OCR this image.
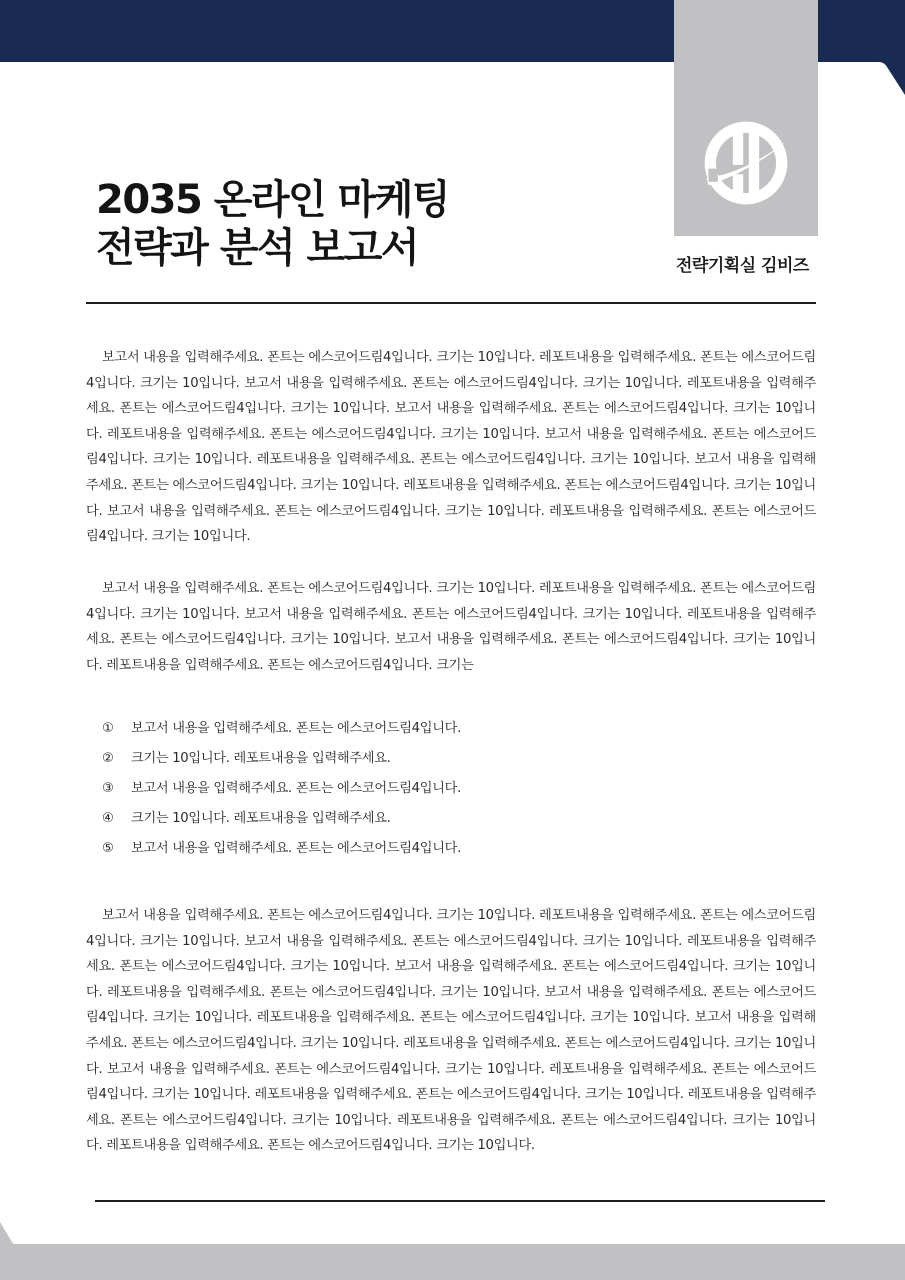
전략기획실 김비즈
2035 온라인 마케팅
전략과 분석 보고서

보고서 내용을 입력해주세요. 폰트는 에스코어드림4입니다. 크기는 10입니다. 레포트내용을 입력해주세요. 폰트는 에스코어드림4입니다. 크기는 10입니다. 보고서 내용을 입력해주세요. 폰트는 에스코어드림4입니다. 크기는 10입니다. 레포트내용을 입력해주세요. 폰트는 에스코어드림4입니다. 크기는 10입니다. 보고서 내용을 입력해주세요. 폰트는 에스코어드림4입니다. 크기는 10입니다. 레포트내용을 입력해주세요. 폰트는 에스코어드림4입니다. 크기는 10입니다. 보고서 내용을 입력해주세요. 폰트는 에스코어드림4입니다. 크기는 10입니다. 레포트내용을 입력해주세요. 폰트는 에스코어드림4입니다. 크기는 10입니다. 보고서 내용을 입력해주세요. 폰트는 에스코어드림4입니다. 크기는 10입니다. 레포트내용을 입력해주세요. 폰트는 에스코어드림4입니다. 크기는 10입니다. 보고서 내용을 입력해주세요. 폰트는 에스코어드림4입니다. 크기는 10입니다. 레포트내용을 입력해주세요. 폰트는 에스코어드림4입니다. 크기는 10입니다.

보고서 내용을 입력해주세요. 폰트는 에스코어드림4입니다. 크기는 10입니다. 레포트내용을 입력해주세요. 폰트는 에스코어드림4입니다. 크기는 10입니다. 보고서 내용을 입력해주세요. 폰트는 에스코어드림4입니다. 크기는 10입니다. 레포트내용을 입력해주세요. 폰트는 에스코어드림4입니다. 크기는 10입니다. 보고서 내용을 입력해주세요. 폰트는 에스코어드림4입니다. 크기는 10입니다. 레포트내용을 입력해주세요. 폰트는 에스코어드림4입니다. 크기는

①	보고서 내용을 입력해주세요. 폰트는 에스코어드림4입니다.
②	크기는 10입니다. 레포트내용을 입력해주세요.
③	보고서 내용을 입력해주세요. 폰트는 에스코어드림4입니다.
④	크기는 10입니다. 레포트내용을 입력해주세요.
⑤	보고서 내용을 입력해주세요. 폰트는 에스코어드림4입니다.

보고서 내용을 입력해주세요. 폰트는 에스코어드림4입니다. 크기는 10입니다. 레포트내용을 입력해주세요. 폰트는 에스코어드림4입니다. 크기는 10입니다. 보고서 내용을 입력해주세요. 폰트는 에스코어드림4입니다. 크기는 10입니다. 레포트내용을 입력해주세요. 폰트는 에스코어드림4입니다. 크기는 10입니다. 보고서 내용을 입력해주세요. 폰트는 에스코어드림4입니다. 크기는 10입니다. 레포트내용을 입력해주세요. 폰트는 에스코어드림4입니다. 크기는 10입니다. 보고서 내용을 입력해주세요. 폰트는 에스코어드림4입니다. 크기는 10입니다. 레포트내용을 입력해주세요. 폰트는 에스코어드림4입니다. 크기는 10입니다. 보고서 내용을 입력해주세요. 폰트는 에스코어드림4입니다. 크기는 10입니다. 레포트내용을 입력해주세요. 폰트는 에스코어드림4입니다. 크기는 10입니다. 보고서 내용을 입력해주세요. 폰트는 에스코어드림4입니다. 크기는 10입니다. 레포트내용을 입력해주세요. 폰트는 에스코어드림4입니다. 크기는 10입니다. 레포트내용을 입력해주세요. 폰트는 에스코어드림4입니다. 크기는 10입니다. 레포트내용을 입력해주세요. 폰트는 에스코어드림4입니다. 크기는 10입니다. 레포트내용을 입력해주세요. 폰트는 에스코어드림4입니다. 크기는 10입니다. 레포트내용을 입력해주세요. 폰트는 에스코어드림4입니다. 크기는 10입니다.
